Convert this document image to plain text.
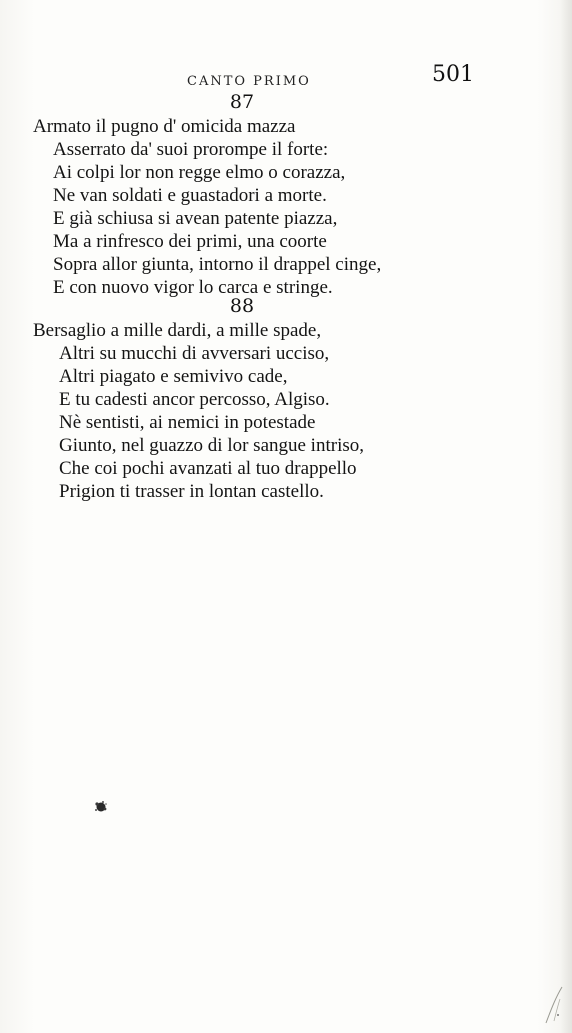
CANTO PRIMO	501
87
Armato il pugno d' omicida mazza
Asserrato da' suoi prorompe il forte:
Ai colpi lor non regge elmo o corazza,
Ne van soldati e guastadori a morte.
E già schiusa si avean patente piazza,
Ma a rinfresco dei primi, una coorte
Sopra allor giunta, intorno il drappel cinge,
E con nuovo vigor lo carca e stringe.
88
Bersaglio a mille dardi, a mille spade,
Altri su mucchi di avversari ucciso,
Altri piagato e semivivo cade,
E tu cadesti ancor percosso, Algiso.
Nè sentisti, ai nemici in potestade
Giunto, nel guazzo di lor sangue intriso,
Che coi pochi avanzati al tuo drappello
Prigion ti trasser in lontan castello.
